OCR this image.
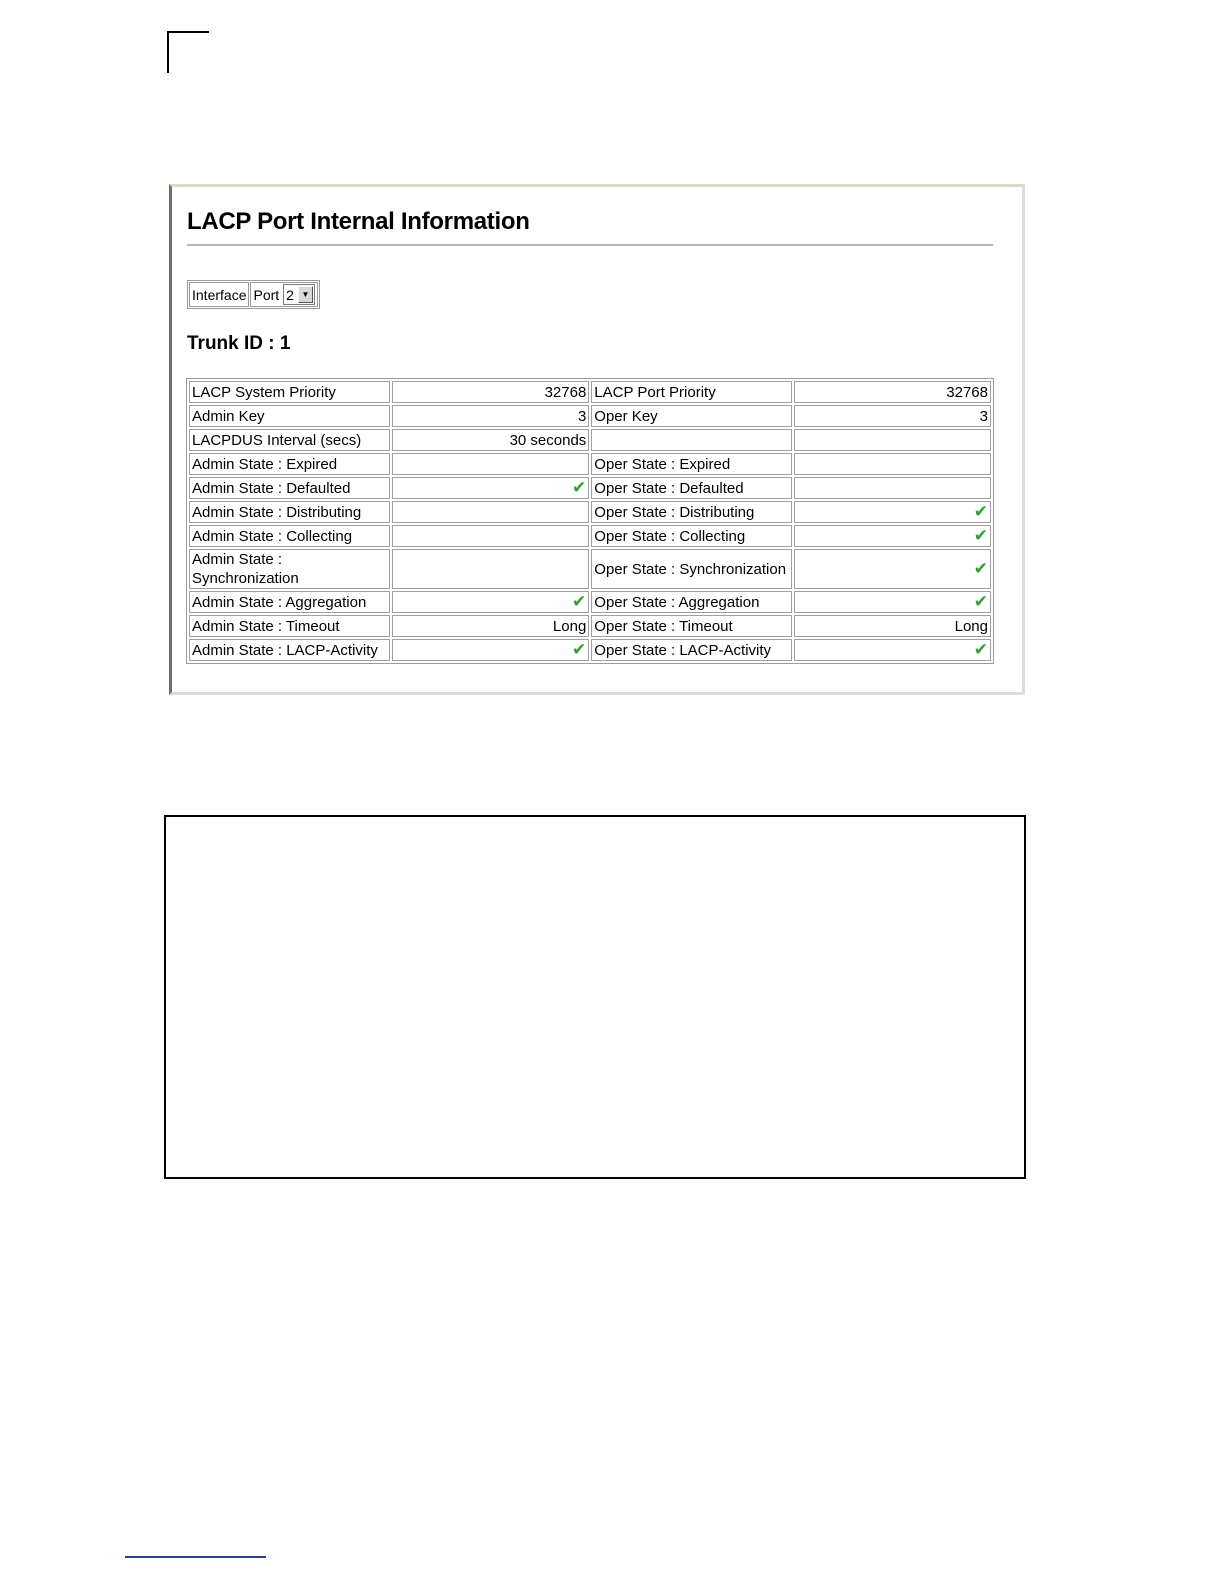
LACP Port Internal Information
Interface Port 2 ▼
Trunk ID : 1
LACP System Priority	32768	LACP Port Priority	32768
Admin Key	3	Oper Key	3
LACPDUS Interval (secs)	30 seconds		
Admin State : Expired		Oper State : Expired	
Admin State : Defaulted	✔	Oper State : Defaulted	
Admin State : Distributing		Oper State : Distributing	✔
Admin State : Collecting		Oper State : Collecting	✔
Admin State : Synchronization		Oper State : Synchronization	✔
Admin State : Aggregation	✔	Oper State : Aggregation	✔
Admin State : Timeout	Long	Oper State : Timeout	Long
Admin State : LACP-Activity	✔	Oper State : LACP-Activity	✔
